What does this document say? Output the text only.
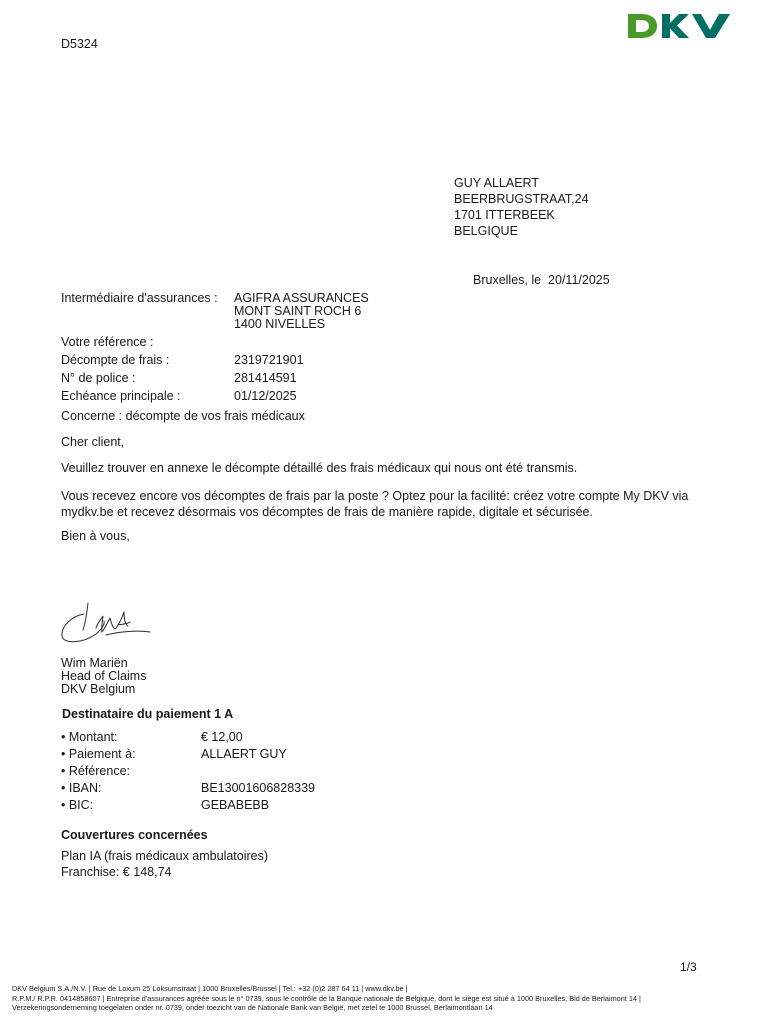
D5324
GUY ALLAERT
BEERBRUGSTRAAT,24
1701 ITTERBEEK
BELGIQUE
Bruxelles, le 20/11/2025
Intermédiaire d'assurances : AGIFRA ASSURANCES
MONT SAINT ROCH 6
1400 NIVELLES
Votre référence :
Décompte de frais :	2319721901
N° de police :	281414591
Echéance principale :	01/12/2025
Concerne : décompte de vos frais médicaux
Cher client,
Veuillez trouver en annexe le décompte détaillé des frais médicaux qui nous ont été transmis.
Vous recevez encore vos décomptes de frais par la poste ? Optez pour la facilité: créez votre compte My DKV via
mydkv.be et recevez désormais vos décomptes de frais de manière rapide, digitale et sécurisée.
Bien à vous,
Wim Mariën
Head of Claims
DKV Belgium
Destinataire du paiement 1 A
• Montant:	€ 12,00
• Paiement à:	ALLAERT GUY
• Référence:
• IBAN:	BE13001606828339
• BIC:	GEBABEBB
Couvertures concernées
Plan IA (frais médicaux ambulatoires)
Franchise: € 148,74
1/3
DKV Belgium S.A./N.V. | Rue de Loxum 25 Loksumstraat | 1000 Bruxelles/Brussel | Tel.: +32 (0)2 287 64 11 | www.dkv.be |
R.P.M./ R.P.R. 0414858607 | Entreprise d'assurances agréée sous le n° 0739, sous le contrôle de la Banque nationale de Belgique, dont le siège est situé à 1000 Bruxelles, Bld de Berlaimont 14 |
Verzekeringsonderneming toegelaten onder nr. 0739, onder toezicht van de Nationale Bank van België, met zetel te 1000 Brussel, Berlaimontlaan 14
